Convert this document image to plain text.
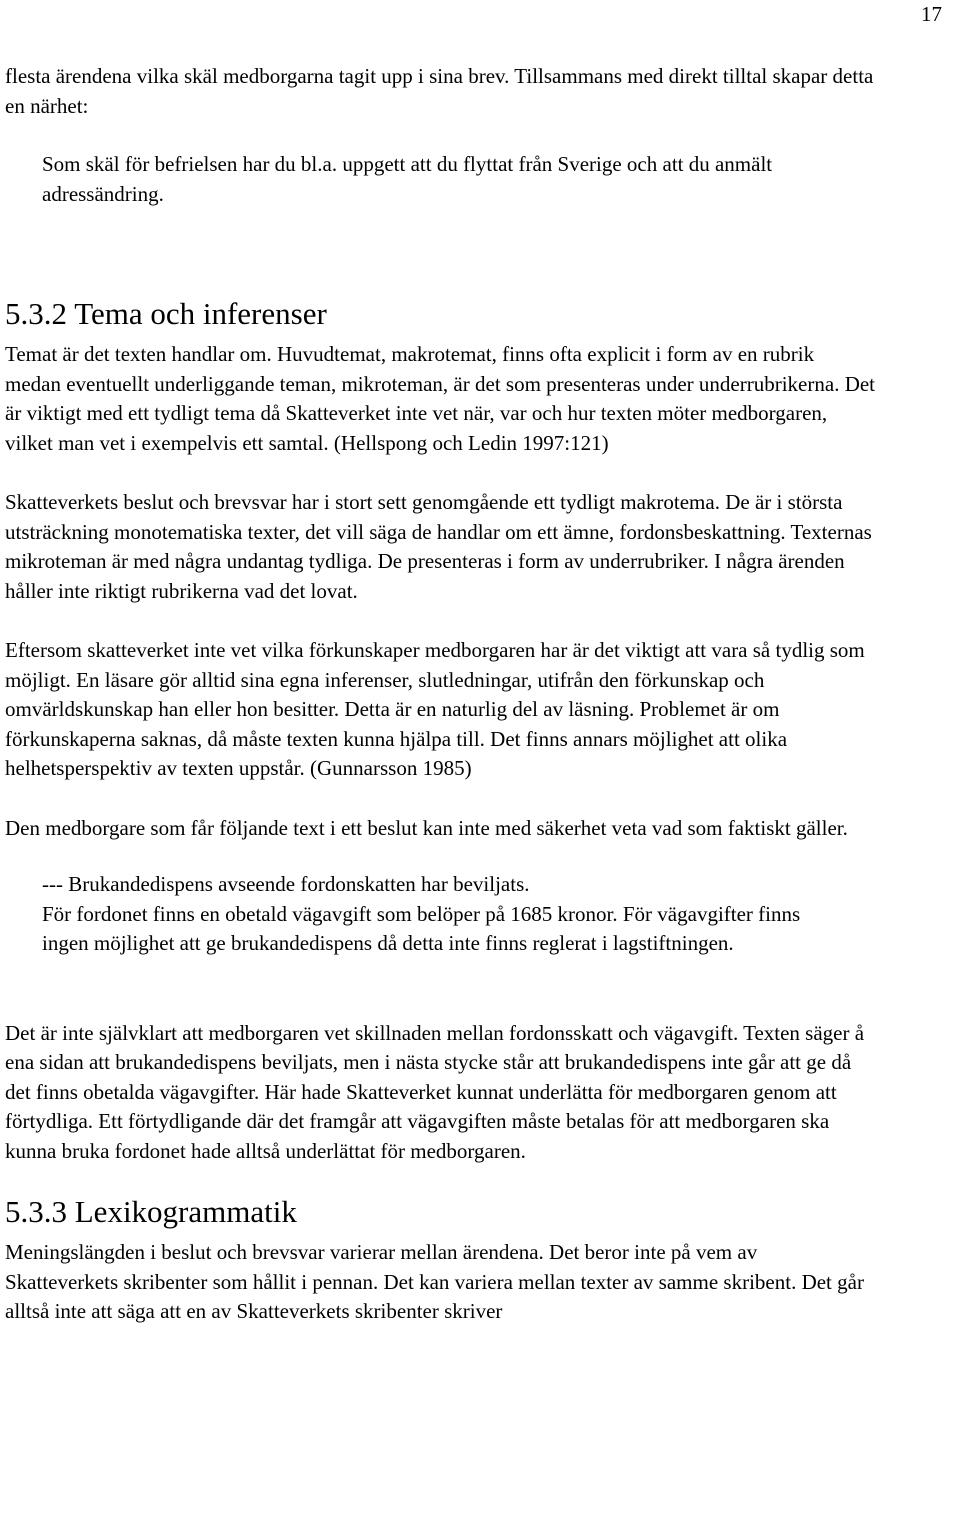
17

flesta ärendena vilka skäl medborgarna tagit upp i sina brev. Tillsammans med direkt tilltal skapar detta en närhet:

Som skäl för befrielsen har du bl.a. uppgett att du flyttat från Sverige och att du anmält adressändring.

5.3.2 Tema och inferenser

Temat är det texten handlar om. Huvudtemat, makrotemat, finns ofta explicit i form av en rubrik medan eventuellt underliggande teman, mikroteman, är det som presenteras under underrubrikerna. Det är viktigt med ett tydligt tema då Skatteverket inte vet när, var och hur texten möter medborgaren, vilket man vet i exempelvis ett samtal. (Hellspong och Ledin 1997:121)

Skatteverkets beslut och brevsvar har i stort sett genomgående ett tydligt makrotema. De är i största utsträckning monotematiska texter, det vill säga de handlar om ett ämne, fordonsbeskattning. Texternas mikroteman är med några undantag tydliga. De presenteras i form av underrubriker. I några ärenden håller inte riktigt rubrikerna vad det lovat.

Eftersom skatteverket inte vet vilka förkunskaper medborgaren har är det viktigt att vara så tydlig som möjligt. En läsare gör alltid sina egna inferenser, slutledningar, utifrån den förkunskap och omvärldskunskap han eller hon besitter. Detta är en naturlig del av läsning. Problemet är om förkunskaperna saknas, då måste texten kunna hjälpa till. Det finns annars möjlighet att olika helhetsperspektiv av texten uppstår. (Gunnarsson 1985)

Den medborgare som får följande text i ett beslut kan inte med säkerhet veta vad som faktiskt gäller.

--- Brukandedispens avseende fordonskatten har beviljats.

För fordonet finns en obetald vägavgift som belöper på 1685 kronor. För vägavgifter finns ingen möjlighet att ge brukandedispens då detta inte finns reglerat i lagstiftningen.

Det är inte självklart att medborgaren vet skillnaden mellan fordonsskatt och vägavgift. Texten säger å ena sidan att brukandedispens beviljats, men i nästa stycke står att brukandedispens inte går att ge då det finns obetalda vägavgifter. Här hade Skatteverket kunnat underlätta för medborgaren genom att förtydliga. Ett förtydligande där det framgår att vägavgiften måste betalas för att medborgaren ska kunna bruka fordonet hade alltså underlättat för medborgaren.

5.3.3 Lexikogrammatik

Meningslängden i beslut och brevsvar varierar mellan ärendena. Det beror inte på vem av Skatteverkets skribenter som hållit i pennan. Det kan variera mellan texter av samme skribent. Det går alltså inte att säga att en av Skatteverkets skribenter skriver
